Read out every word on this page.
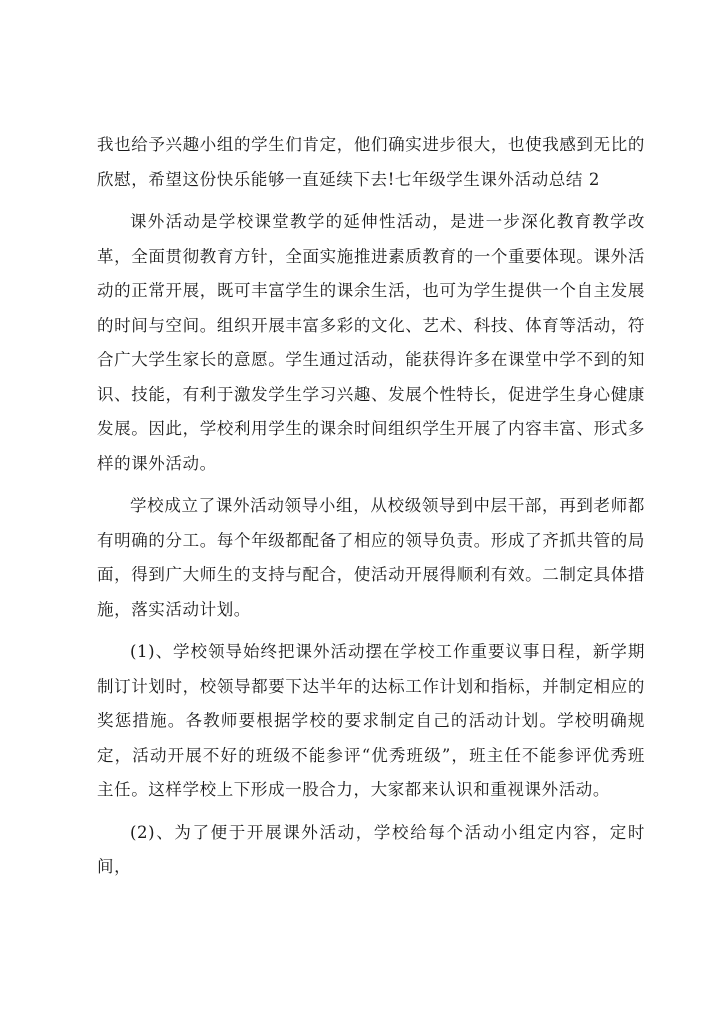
我也给予兴趣小组的学生们肯定，他们确实进步很大，也使我感到无比的欣慰，希望这份快乐能够一直延续下去!七年级学生课外活动总结 2

课外活动是学校课堂教学的延伸性活动，是进一步深化教育教学改革，全面贯彻教育方针，全面实施推进素质教育的一个重要体现。课外活动的正常开展，既可丰富学生的课余生活，也可为学生提供一个自主发展的时间与空间。组织开展丰富多彩的文化、艺术、科技、体育等活动，符合广大学生家长的意愿。学生通过活动，能获得许多在课堂中学不到的知识、技能，有利于激发学生学习兴趣、发展个性特长，促进学生身心健康发展。因此，学校利用学生的课余时间组织学生开展了内容丰富、形式多样的课外活动。

学校成立了课外活动领导小组，从校级领导到中层干部，再到老师都有明确的分工。每个年级都配备了相应的领导负责。形成了齐抓共管的局面，得到广大师生的支持与配合，使活动开展得顺利有效。二制定具体措施，落实活动计划。

(1)、学校领导始终把课外活动摆在学校工作重要议事日程，新学期制订计划时，校领导都要下达半年的达标工作计划和指标，并制定相应的奖惩措施。各教师要根据学校的要求制定自己的活动计划。学校明确规定，活动开展不好的班级不能参评“优秀班级”，班主任不能参评优秀班主任。这样学校上下形成一股合力，大家都来认识和重视课外活动。

(2)、为了便于开展课外活动，学校给每个活动小组定内容，定时间，
